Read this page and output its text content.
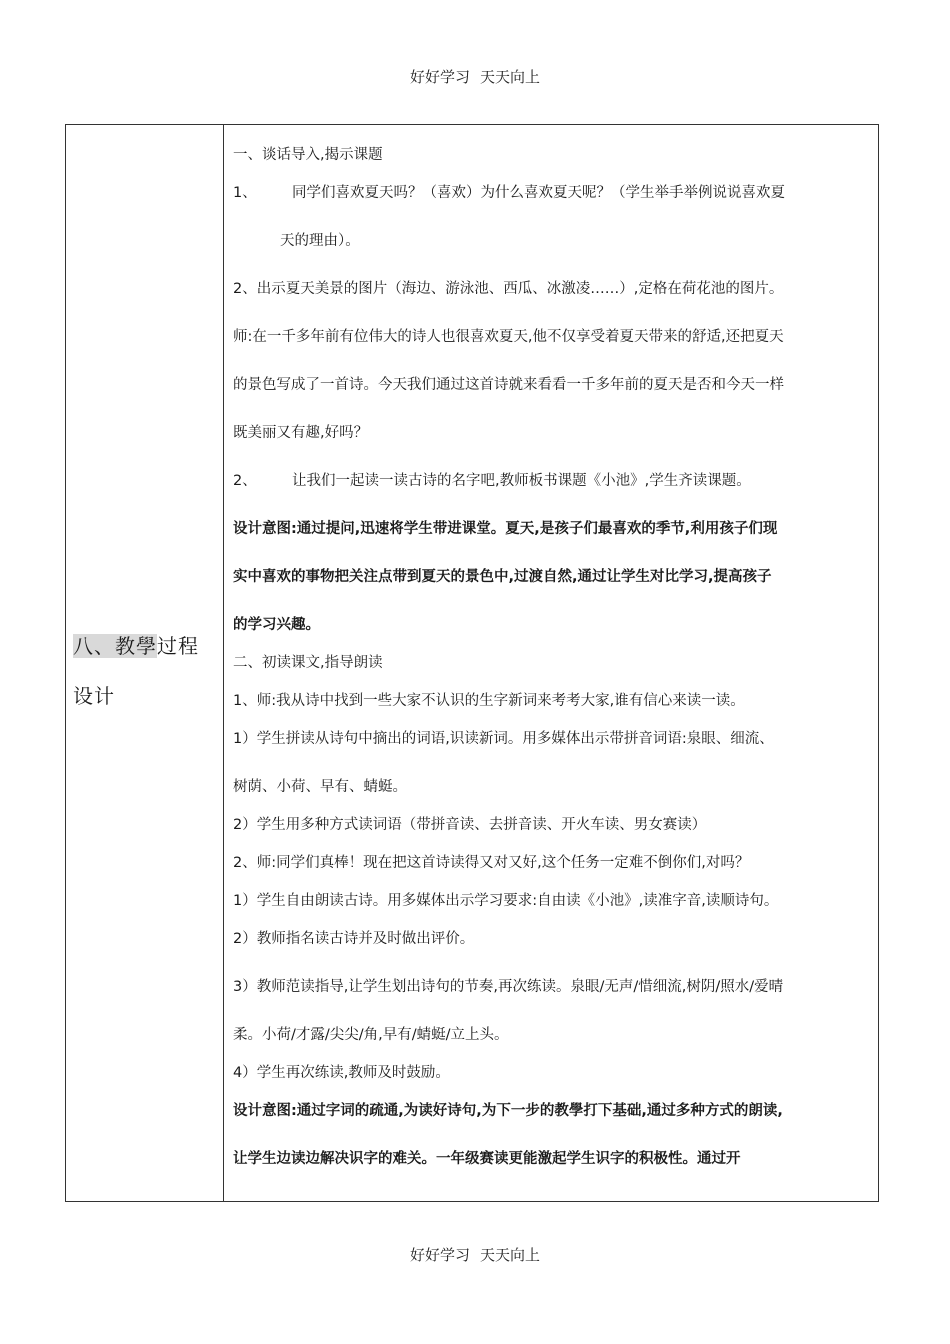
好好学习 天天向上
八、教學过程
设计
一、谈话导入,揭示课题
1、 同学们喜欢夏天吗？（喜欢）为什么喜欢夏天呢？（学生举手举例说说喜欢夏
天的理由）。
2、出示夏天美景的图片（海边、游泳池、西瓜、冰激凌……）,定格在荷花池的图片。
师:在一千多年前有位伟大的诗人也很喜欢夏天,他不仅享受着夏天带来的舒适,还把夏天
的景色写成了一首诗。今天我们通过这首诗就来看看一千多年前的夏天是否和今天一样
既美丽又有趣,好吗？
2、 让我们一起读一读古诗的名字吧,教师板书课题《小池》,学生齐读课题。
设计意图:通过提问,迅速将学生带进课堂。夏天,是孩子们最喜欢的季节,利用孩子们现
实中喜欢的事物把关注点带到夏天的景色中,过渡自然,通过让学生对比学习,提高孩子
的学习兴趣。
二、初读课文,指导朗读
1、师:我从诗中找到一些大家不认识的生字新词来考考大家,谁有信心来读一读。
1）学生拼读从诗句中摘出的词语,识读新词。用多媒体出示带拼音词语:泉眼、细流、
树荫、小荷、早有、蜻蜓。
2）学生用多种方式读词语（带拼音读、去拼音读、开火车读、男女赛读）
2、师:同学们真棒！现在把这首诗读得又对又好,这个任务一定难不倒你们,对吗？
1）学生自由朗读古诗。用多媒体出示学习要求:自由读《小池》,读准字音,读顺诗句。
2）教师指名读古诗并及时做出评价。
3）教师范读指导,让学生划出诗句的节奏,再次练读。泉眼/无声/惜细流,树阴/照水/爱晴
柔。小荷/才露/尖尖/角,早有/蜻蜓/立上头。
4）学生再次练读,教师及时鼓励。
设计意图:通过字词的疏通,为读好诗句,为下一步的教學打下基础,通过多种方式的朗读,
让学生边读边解决识字的难关。一年级赛读更能激起学生识字的积极性。通过开
好好学习 天天向上
